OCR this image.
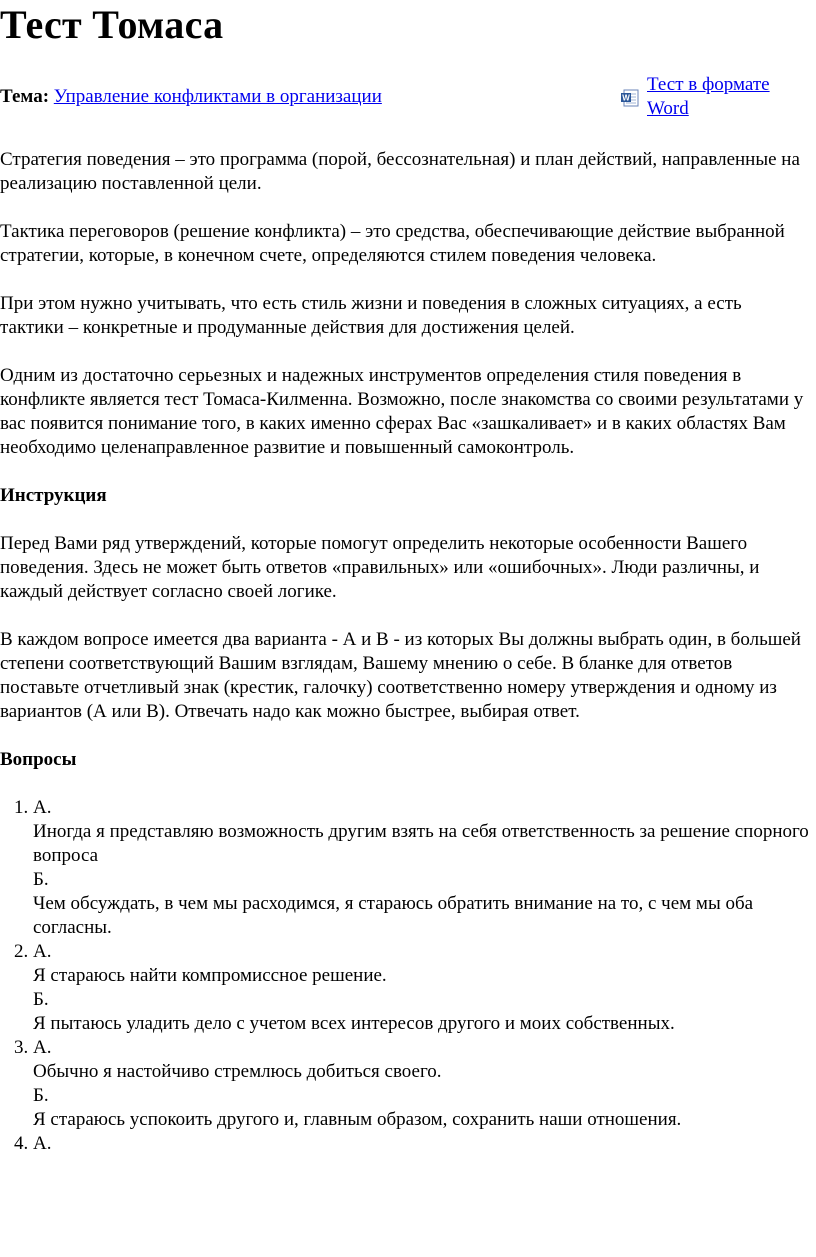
Тест Томаса
Тема: Управление конфликтами в организации	W
Тест в формате Word

Стратегия поведения – это программа (порой, бессознательная) и план действий, направленные на реализацию поставленной цели.

Тактика переговоров (решение конфликта) – это средства, обеспечивающие действие выбранной стратегии, которые, в конечном счете, определяются стилем поведения человека.

При этом нужно учитывать, что есть стиль жизни и поведения в сложных ситуациях, а есть тактики – конкретные и продуманные действия для достижения целей.

Одним из достаточно серьезных и надежных инструментов определения стиля поведения в конфликте является тест Томаса-Килменна. Возможно, после знакомства со своими результатами у вас появится понимание того, в каких именно сферах Вас «зашкаливает» и в каких областях Вам необходимо целенаправленное развитие и повышенный самоконтроль.

Инструкция

Перед Вами ряд утверждений, которые помогут определить некоторые особенности Вашего поведения. Здесь не может быть ответов «правильных» или «ошибочных». Люди различны, и каждый действует согласно своей логике.

В каждом вопросе имеется два варианта - А и В - из которых Вы должны выбрать один, в большей степени соответствующий Вашим взглядам, Вашему мнению о себе. В бланке для ответов поставьте отчетливый знак (крестик, галочку) соответственно номеру утверждения и одному из вариантов (А или В). Отвечать надо как можно быстрее, выбирая ответ.

Вопросы
1. А.
Иногда я представляю возможность другим взять на себя ответственность за решение спорного вопроса
Б.
Чем обсуждать, в чем мы расходимся, я стараюсь обратить внимание на то, с чем мы оба согласны.
2. А.
Я стараюсь найти компромиссное решение.
Б.
Я пытаюсь уладить дело с учетом всех интересов другого и моих собственных.
3. А.
Обычно я настойчиво стремлюсь добиться своего.
Б.
Я стараюсь успокоить другого и, главным образом, сохранить наши отношения.
4. А.
